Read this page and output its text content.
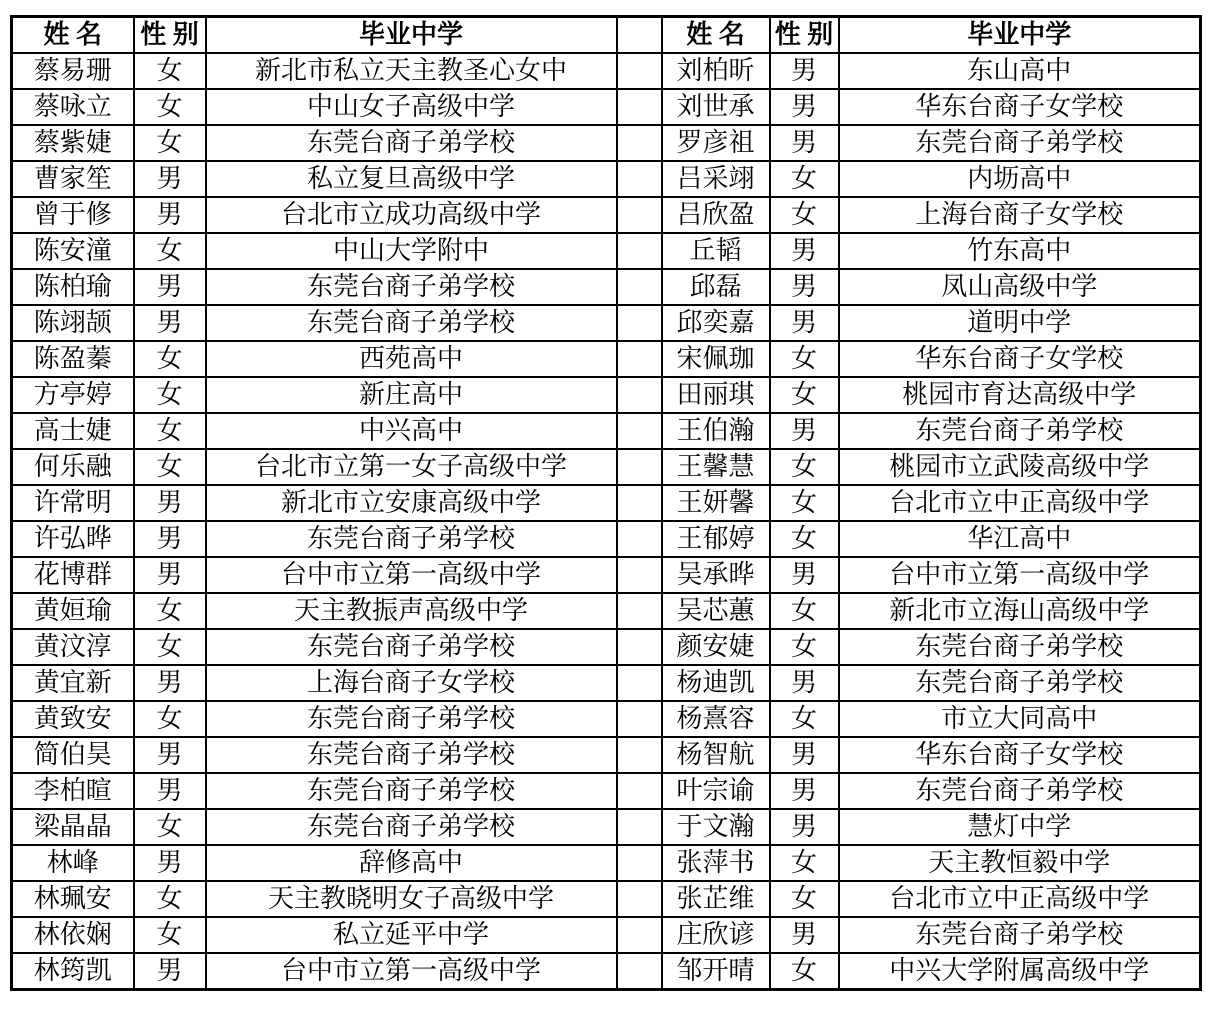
姓 名	性 别	毕业中学		姓 名	性 别	毕业中学
蔡易珊	女	新北市私立天主教圣心女中		刘柏昕	男	东山高中
蔡咏立	女	中山女子高级中学		刘世承	男	华东台商子女学校
蔡紫婕	女	东莞台商子弟学校		罗彦祖	男	东莞台商子弟学校
曹家笙	男	私立复旦高级中学		吕采翊	女	内坜高中
曾于修	男	台北市立成功高级中学		吕欣盈	女	上海台商子女学校
陈安潼	女	中山大学附中		丘韬	男	竹东高中
陈柏瑜	男	东莞台商子弟学校		邱磊	男	凤山高级中学
陈翊颉	男	东莞台商子弟学校		邱奕嘉	男	道明中学
陈盈蓁	女	西苑高中		宋佩珈	女	华东台商子女学校
方亭婷	女	新庄高中		田丽琪	女	桃园市育达高级中学
高士婕	女	中兴高中		王伯瀚	男	东莞台商子弟学校
何乐融	女	台北市立第一女子高级中学		王馨慧	女	桃园市立武陵高级中学
许常明	男	新北市立安康高级中学		王妍馨	女	台北市立中正高级中学
许弘晔	男	东莞台商子弟学校		王郁婷	女	华江高中
花博群	男	台中市立第一高级中学		吴承晔	男	台中市立第一高级中学
黄姮瑜	女	天主教振声高级中学		吴芯蕙	女	新北市立海山高级中学
黄汶淳	女	东莞台商子弟学校		颜安婕	女	东莞台商子弟学校
黄宜新	男	上海台商子女学校		杨迪凯	男	东莞台商子弟学校
黄致安	女	东莞台商子弟学校		杨熹容	女	市立大同高中
简伯昊	男	东莞台商子弟学校		杨智航	男	华东台商子女学校
李柏暄	男	东莞台商子弟学校		叶宗谕	男	东莞台商子弟学校
梁晶晶	女	东莞台商子弟学校		于文瀚	男	慧灯中学
林峰	男	辞修高中		张萍书	女	天主教恒毅中学
林珮安	女	天主教晓明女子高级中学		张芷维	女	台北市立中正高级中学
林依娴	女	私立延平中学		庄欣谚	男	东莞台商子弟学校
林筠凯	男	台中市立第一高级中学		邹开晴	女	中兴大学附属高级中学
